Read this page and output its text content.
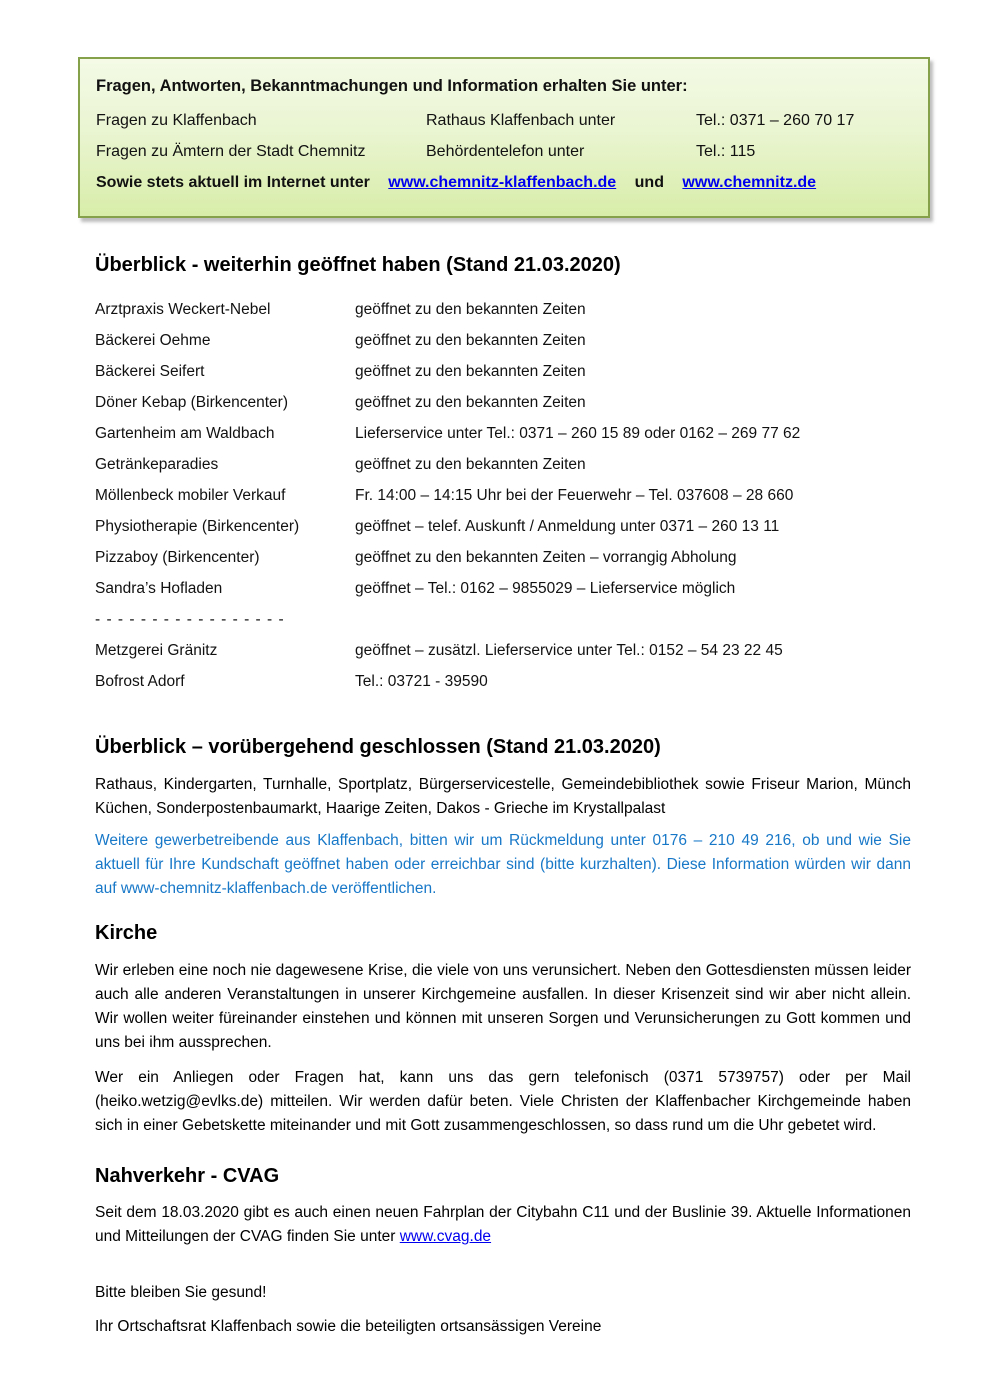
Fragen, Antworten, Bekanntmachungen und Information erhalten Sie unter:
Fragen zu Klaffenbach	Rathaus Klaffenbach unter	Tel.: 0371 – 260 70 17
Fragen zu Ämtern der Stadt Chemnitz	Behördentelefon unter	Tel.: 115
Sowie stets aktuell im Internet unter www.chemnitz-klaffenbach.de und www.chemnitz.de
Überblick - weiterhin geöffnet haben (Stand 21.03.2020)
Arztpraxis Weckert-Nebel	geöffnet zu den bekannten Zeiten
Bäckerei Oehme	geöffnet zu den bekannten Zeiten
Bäckerei Seifert	geöffnet zu den bekannten Zeiten
Döner Kebap (Birkencenter)	geöffnet zu den bekannten Zeiten
Gartenheim am Waldbach	Lieferservice unter Tel.: 0371 – 260 15 89 oder 0162 – 269 77 62
Getränkeparadies	geöffnet zu den bekannten Zeiten
Möllenbeck mobiler Verkauf	Fr. 14:00 – 14:15 Uhr bei der Feuerwehr – Tel. 037608 – 28 660
Physiotherapie (Birkencenter)	geöffnet – telef. Auskunft / Anmeldung unter 0371 – 260 13 11
Pizzaboy (Birkencenter)	geöffnet zu den bekannten Zeiten – vorrangig Abholung
Sandra’s Hofladen	geöffnet – Tel.: 0162 – 9855029 – Lieferservice möglich
- - - - - - - - - - - - - - - - -
Metzgerei Gränitz	geöffnet – zusätzl. Lieferservice unter Tel.: 0152 – 54 23 22 45
Bofrost Adorf	Tel.: 03721 - 39590
Überblick – vorübergehend geschlossen (Stand 21.03.2020)

Rathaus, Kindergarten, Turnhalle, Sportplatz, Bürgerservicestelle, Gemeindebibliothek sowie Friseur Marion, Münch Küchen, Sonderpostenbaumarkt, Haarige Zeiten, Dakos - Grieche im Krystallpalast

Weitere gewerbetreibende aus Klaffenbach, bitten wir um Rückmeldung unter 0176 – 210 49 216, ob und wie Sie aktuell für Ihre Kundschaft geöffnet haben oder erreichbar sind (bitte kurzhalten). Diese Information würden wir dann auf www-chemnitz-klaffenbach.de veröffentlichen.

Kirche

Wir erleben eine noch nie dagewesene Krise, die viele von uns verunsichert. Neben den Gottesdiensten müssen leider auch alle anderen Veranstaltungen in unserer Kirchgemeine ausfallen. In dieser Krisenzeit sind wir aber nicht allein. Wir wollen weiter füreinander einstehen und können mit unseren Sorgen und Verunsicherungen zu Gott kommen und uns bei ihm aussprechen.

Wer ein Anliegen oder Fragen hat, kann uns das gern telefonisch (0371 5739757) oder per Mail (heiko.wetzig@evlks.de) mitteilen. Wir werden dafür beten. Viele Christen der Klaffenbacher Kirchgemeinde haben sich in einer Gebetskette miteinander und mit Gott zusammengeschlossen, so dass rund um die Uhr gebetet wird.

Nahverkehr - CVAG

Seit dem 18.03.2020 gibt es auch einen neuen Fahrplan der Citybahn C11 und der Buslinie 39. Aktuelle Informationen und Mitteilungen der CVAG finden Sie unter www.cvag.de

Bitte bleiben Sie gesund!

Ihr Ortschaftsrat Klaffenbach sowie die beteiligten ortsansässigen Vereine
